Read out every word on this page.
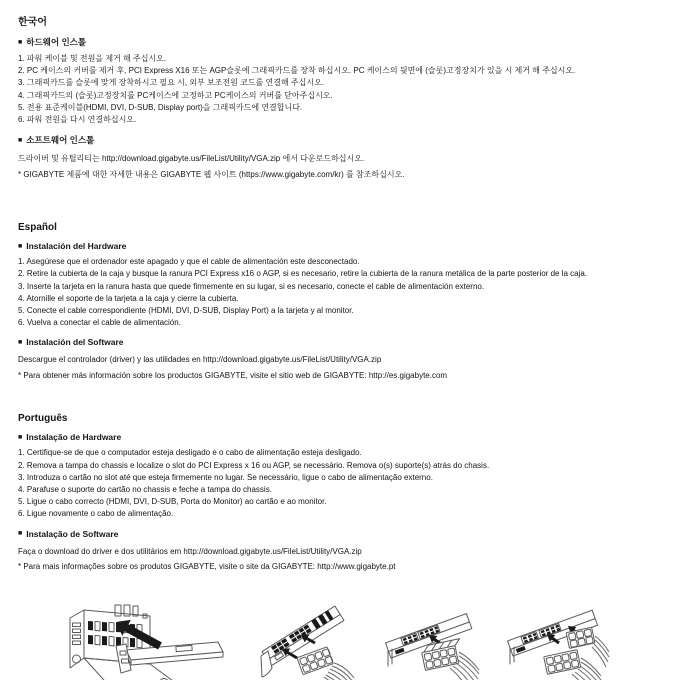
한국어
■ 하드웨어 인스톨
1. 파워 케이블 및 전원을 제거 해 주십시오.
2. PC 케이스의 커버를 제거 후, PCI Express X16 또는 AGP슬롯에 그래픽카드를 장착 하십시오. PC 케이스의 뒷면에 (슬롯)고정장치가 있을 시 제거 해 주십시오.
3. 그래픽카드를 슬롯에 맞게 장착하시고 필요 시, 외부 보조전원 코드를 연결해 주십시오.
4. 그래픽카드의 (슬롯)고정장치를 PC케이스에 고정하고 PC케이스의 커버를 닫아주십시오.
5. 전용 표준케이블(HDMI, DVI, D-SUB, Display port)을 그래픽카드에 연결합니다.
6. 파워 전원을 다시 연결하십시오.
■ 소프트웨어 인스톨
드라이버 및 유틸리티는 http://download.gigabyte.us/FileList/Utility/VGA.zip 에서 다운로드하십시오.
* GIGABYTE 제품에 대한 자세한 내용은 GIGABYTE 웹 사이트 (https://www.gigabyte.com/kr) 를 참조하십시오.
Español
■ Instalación del Hardware
1. Asegúrese que el ordenador este apagado y que el cable de alimentación este desconectado.
2. Retire la cubierta de la caja y busque la ranura PCI Express x16 o AGP, si es necesario, retire la cubierta de la ranura metálica de la parte posterior de la caja.
3. Inserte la tarjeta en la ranura hasta que quede firmemente en su lugar, si es necesario, conecte el cable de alimentación externo.
4. Atornille el soporte de la tarjeta a la caja y cierre la cubierta.
5. Conecte el cable correspondiente (HDMI, DVI, D-SUB, Display Port) a la tarjeta y al monitor.
6. Vuelva a conectar el cable de alimentación.
■ Instalación del Software
Descargue el controlador (driver) y las utilidades en http://download.gigabyte.us/FileList/Utility/VGA.zip
* Para obtener más información sobre los productos GIGABYTE, visite el sitio web de GIGABYTE: http://es.gigabyte.com
Português
■ Instalação de Hardware
1. Certifique-se de que o computador esteja desligado e o cabo de alimentação esteja desligado.
2. Remova a tampa do chassis e localize o slot do PCI Express x 16 ou AGP, se necessário. Remova o(s) suporte(s) atrás do chasis.
3. Introduza o cartão no slot até que esteja firmemente no lugar. Se necessário, ligue o cabo de alimentação externo.
4. Parafuse o suporte do cartão no chassis e feche a tampa do chassis.
5. Ligue o cabo correcto (HDMI, DVI, D-SUB, Porta do Monitor) ao cartão e ao monitor.
6. Ligue novamente o cabo de alimentação.
■ Instalação de Software
Faça o download do driver e dos utilitários em http://download.gigabyte.us/FileList/Utility/VGA.zip
* Para mais informações sobre os produtos GIGABYTE, visite o site da GIGABYTE: http://www.gigabyte.pt
